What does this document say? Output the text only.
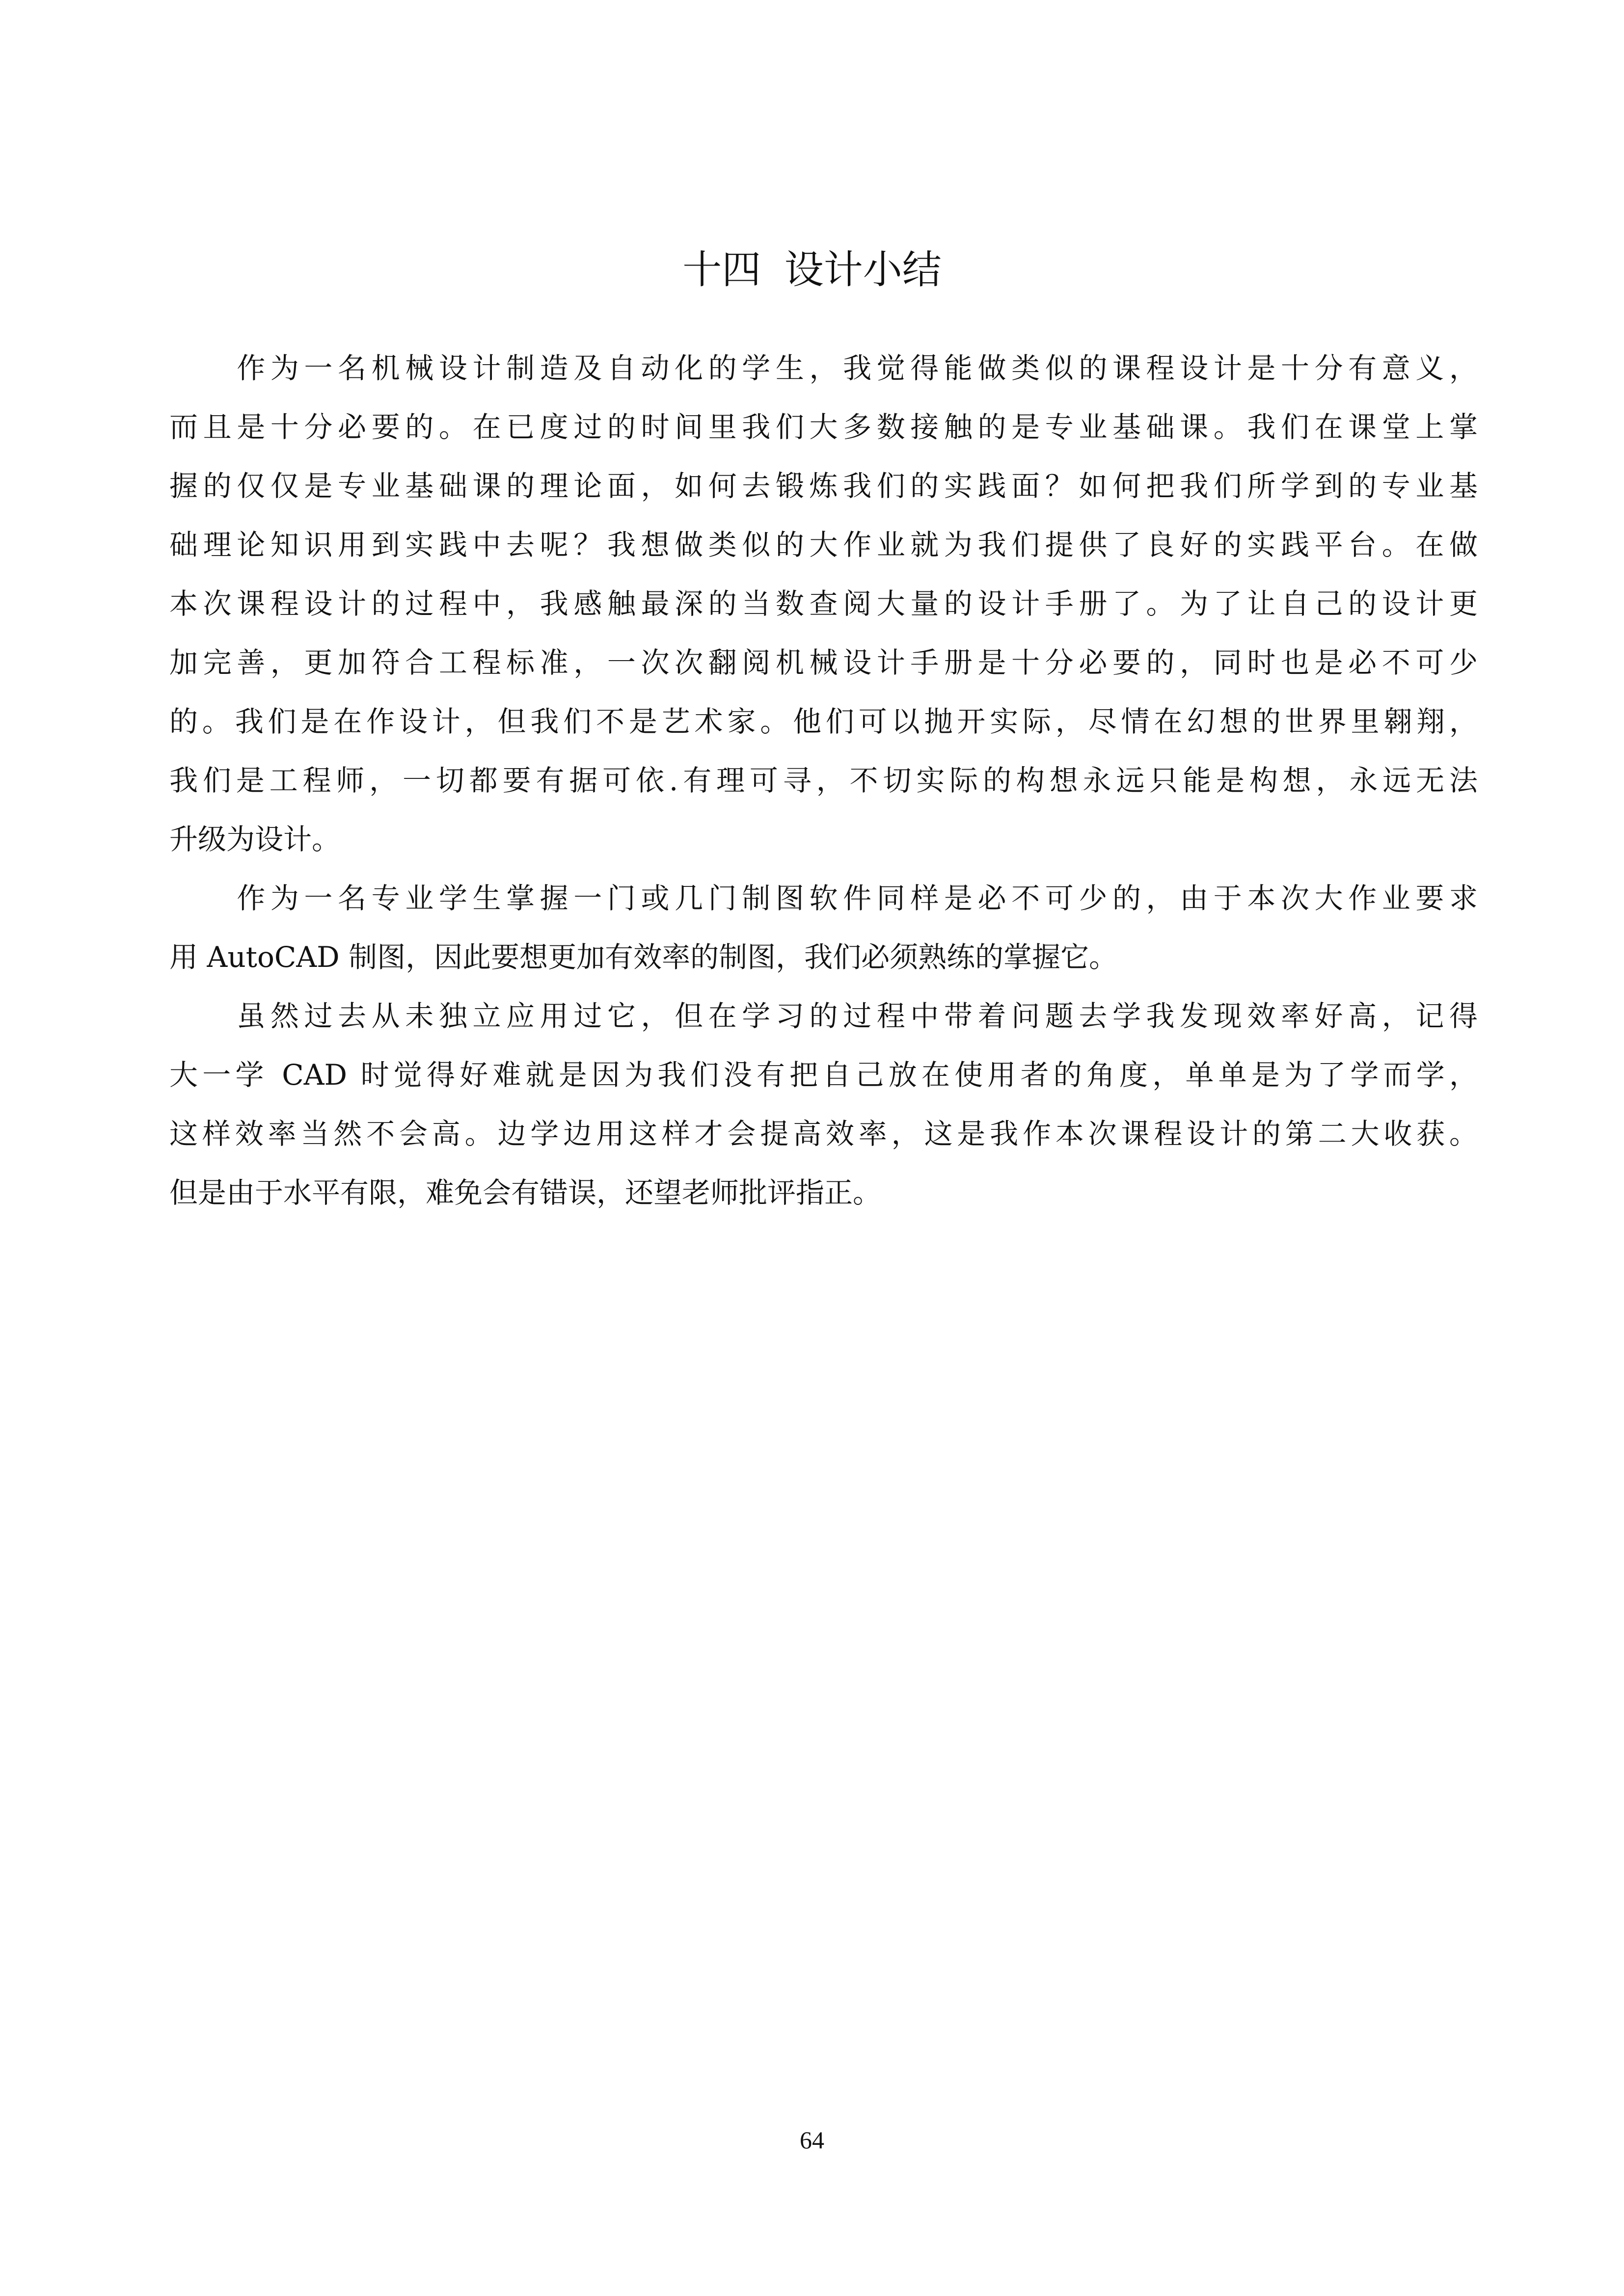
十四 设计小结
　　作为一名机械设计制造及自动化的学生，我觉得能做类似的课程设计是十分有意义，
而且是十分必要的。在已度过的时间里我们大多数接触的是专业基础课。我们在课堂上掌
握的仅仅是专业基础课的理论面，如何去锻炼我们的实践面？如何把我们所学到的专业基
础理论知识用到实践中去呢？我想做类似的大作业就为我们提供了良好的实践平台。在做
本次课程设计的过程中，我感触最深的当数查阅大量的设计手册了。为了让自己的设计更
加完善，更加符合工程标准，一次次翻阅机械设计手册是十分必要的，同时也是必不可少
的。我们是在作设计，但我们不是艺术家。他们可以抛开实际，尽情在幻想的世界里翱翔，
我们是工程师，一切都要有据可依.有理可寻，不切实际的构想永远只能是构想，永远无法
升级为设计。
　　作为一名专业学生掌握一门或几门制图软件同样是必不可少的，由于本次大作业要求
用 AutoCAD 制图，因此要想更加有效率的制图，我们必须熟练的掌握它。
　　虽然过去从未独立应用过它，但在学习的过程中带着问题去学我发现效率好高，记得
大一学 CAD 时觉得好难就是因为我们没有把自己放在使用者的角度，单单是为了学而学，
这样效率当然不会高。边学边用这样才会提高效率，这是我作本次课程设计的第二大收获。
但是由于水平有限，难免会有错误，还望老师批评指正。
64
